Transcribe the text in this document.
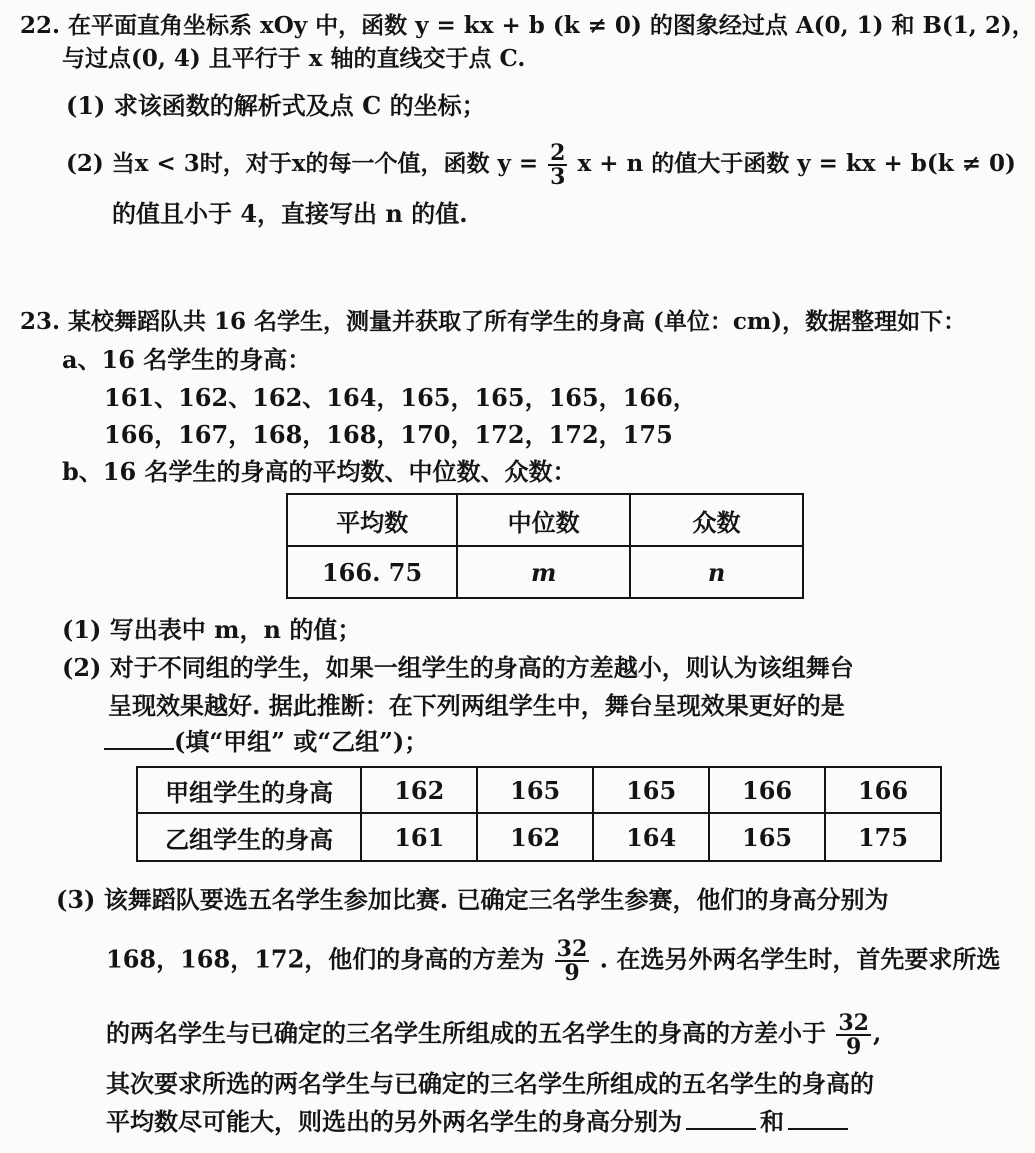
22. 在平面直角坐标系 xOy 中，函数 y = kx + b (k ≠ 0) 的图象经过点 A(0, 1) 和 B(1, 2)，
与过点(0, 4) 且平行于 x 轴的直线交于点 C.
(1) 求该函数的解析式及点 C 的坐标；
(2) 当x < 3时，对于x的每一个值，函数 $y = \frac{2}{3}$ x + n 的值大于函数 y = kx + b(k ≠ 0)
的值且小于 4，直接写出 n 的值.
23. 某校舞蹈队共 16 名学生，测量并获取了所有学生的身高 (单位：cm)，数据整理如下：
a、16 名学生的身高：
161、162、162、164，165，165，165，166，
166，167，168，168，170，172，172，175
b、16 名学生的身高的平均数、中位数、众数：
平均数	中位数	众数
166. 75	m	n
(1) 写出表中 m，n 的值；
(2) 对于不同组的学生，如果一组学生的身高的方差越小，则认为该组舞台
呈现效果越好. 据此推断：在下列两组学生中，舞台呈现效果更好的是
(填“甲组” 或“乙组”)；
甲组学生的身高	162	165	165	166	166
乙组学生的身高	161	162	164	165	175
(3) 该舞蹈队要选五名学生参加比赛. 已确定三名学生参赛，他们的身高分别为
168，168，172，他们的身高的方差为 $\frac{32}{9}$ . 在选另外两名学生时，首先要求所选
的两名学生与已确定的三名学生所组成的五名学生的身高的方差小于 $\frac{32}{9}$ ,
其次要求所选的两名学生与已确定的三名学生所组成的五名学生的身高的
平均数尽可能大，则选出的另外两名学生的身高分别为	和
